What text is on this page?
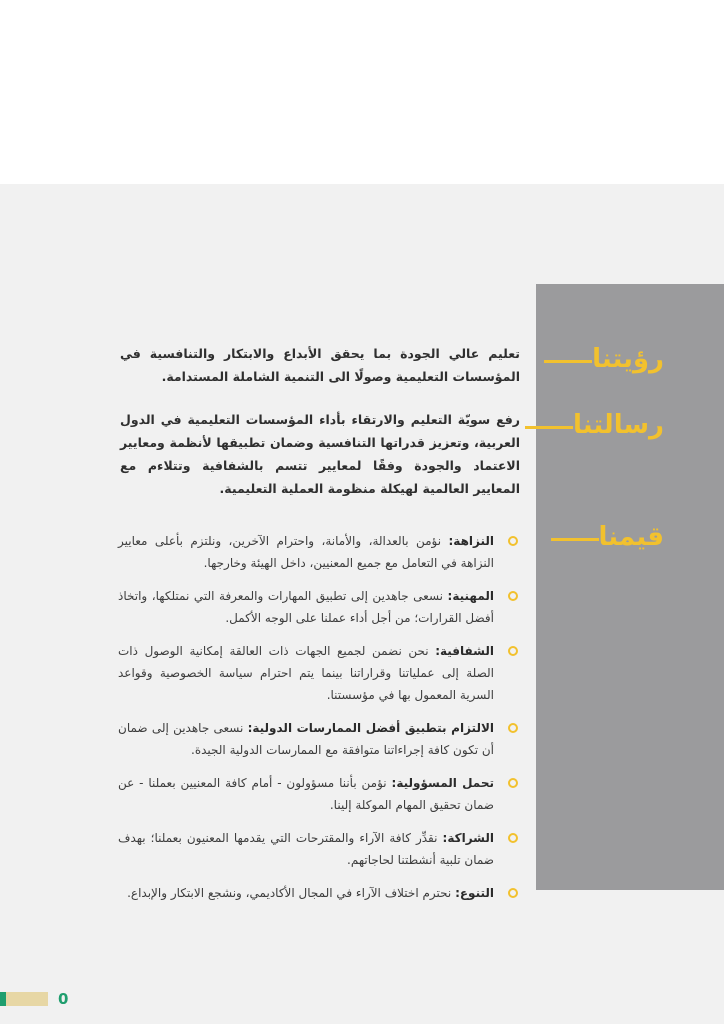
رؤيتنا
رسالتنا
قيمنا
تعليم عالي الجودة بما يحقق الأبداع والابتكار والتنافسية في المؤسسات التعليمية وصولًا الى التنمية الشاملة المستدامة.
رفع سويّة التعليم والارتقاء بأداء المؤسسات التعليمية في الدول العربية، وتعزيز قدراتها التنافسية وضمان تطبيقها لأنظمة ومعايير الاعتماد والجودة وفقًا لمعايير تتسم بالشفافية وتتلاءم مع المعايير العالمية لهيكلة منظومة العملية التعليمية.
النزاهة: نؤمن بالعدالة، والأمانة، واحترام الآخرين، ونلتزم بأعلى معايير النزاهة في التعامل مع جميع المعنيين، داخل الهيئة وخارجها.
المهنية: نسعى جاهدين إلى تطبيق المهارات والمعرفة التي نمتلكها، واتخاذ أفضل القرارات؛ من أجل أداء عملنا على الوجه الأكمل.
الشفافية: نحن نضمن لجميع الجهات ذات العالقة إمكانية الوصول ذات الصلة إلى عملياتنا وقراراتنا بينما يتم احترام سياسة الخصوصية وقواعد السرية المعمول بها في مؤسستنا.
الالتزام بتطبيق أفضل الممارسات الدولية: نسعى جاهدين إلى ضمان أن تكون كافة إجراءاتنا متوافقة مع الممارسات الدولية الجيدة.
تحمل المسؤولية: نؤمن بأننا مسؤولون - أمام كافة المعنيين بعملنا - عن ضمان تحقيق المهام الموكلة إلينا.
الشراكة: نقدِّر كافة الآراء والمقترحات التي يقدمها المعنيون بعملنا؛ بهدف ضمان تلبية أنشطتنا لحاجاتهم.
التنوع: نحترم اختلاف الآراء في المجال الأكاديمي، ونشجع الابتكار والإبداع.
0
